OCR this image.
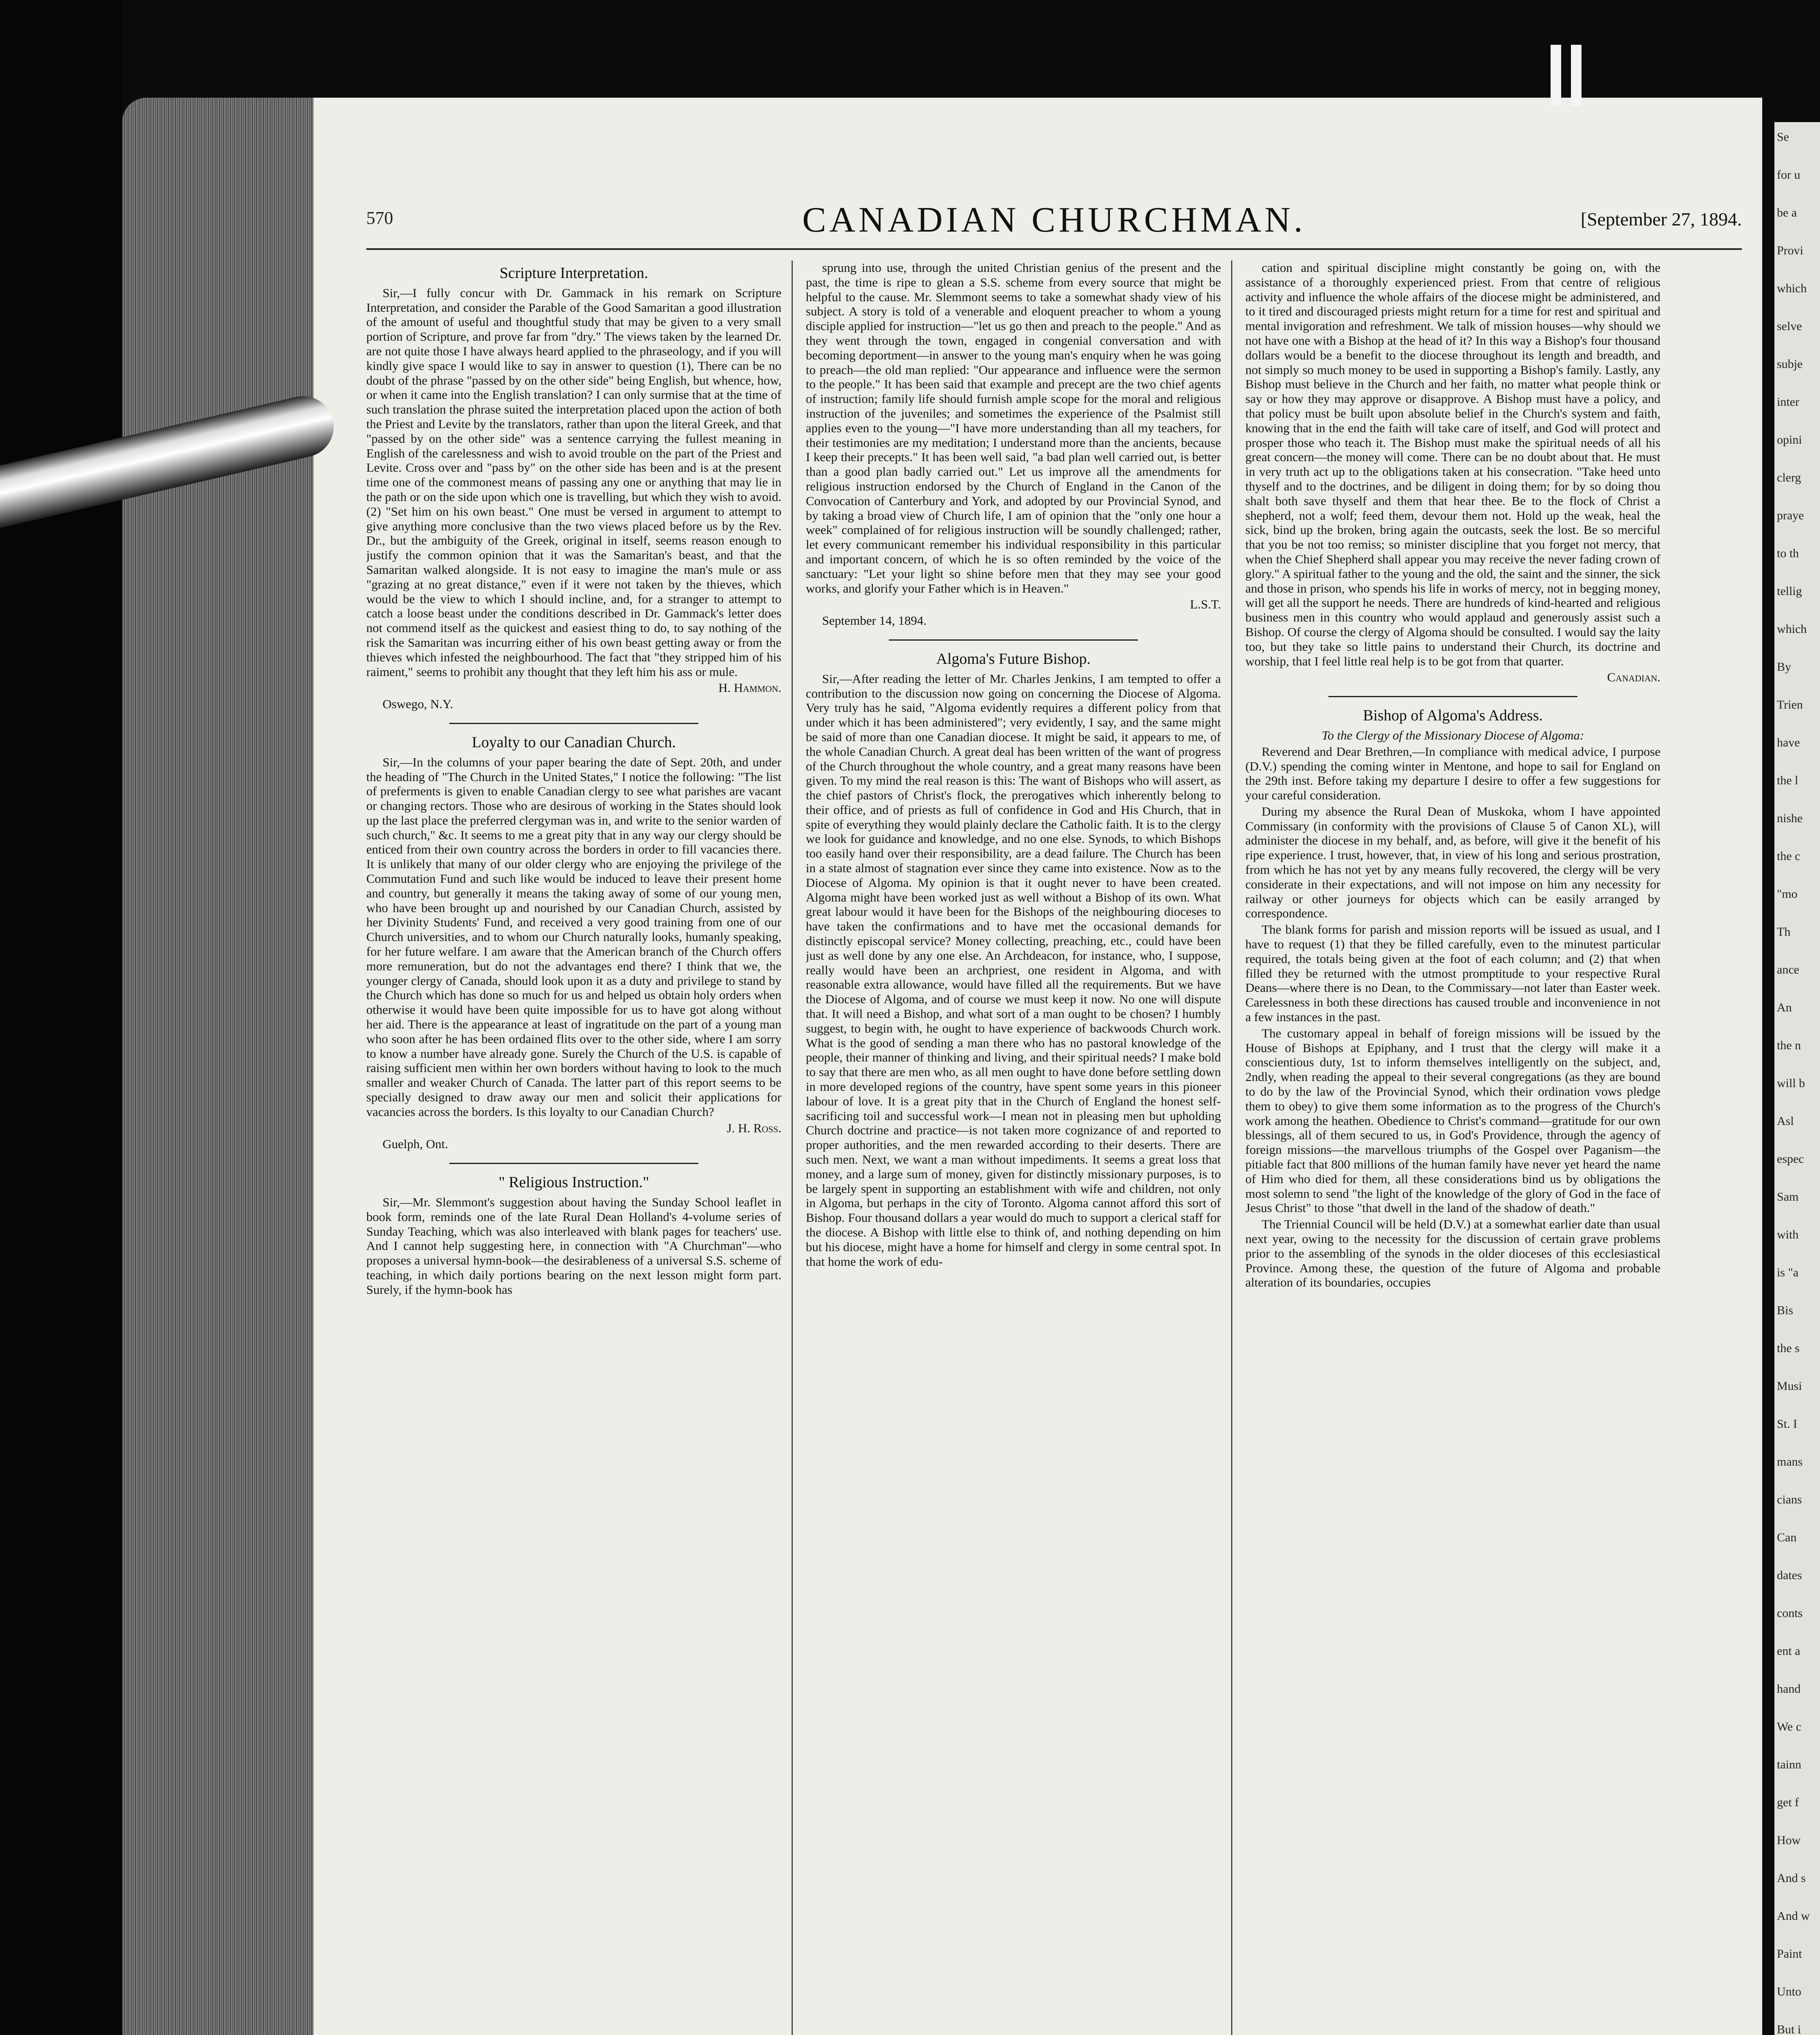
570	CANADIAN CHURCHMAN.	[September 27, 1894.
Scripture Interpretation.

Sir,—I fully concur with Dr. Gammack in his remark on Scripture Interpretation, and consider the Parable of the Good Samaritan a good illustration of the amount of useful and thoughtful study that may be given to a very small portion of Scripture, and prove far from "dry." The views taken by the learned Dr. are not quite those I have always heard applied to the phraseology, and if you will kindly give space I would like to say in answer to question (1), There can be no doubt of the phrase "passed by on the other side" being English, but whence, how, or when it came into the English translation? I can only surmise that at the time of such translation the phrase suited the interpretation placed upon the action of both the Priest and Levite by the translators, rather than upon the literal Greek, and that "passed by on the other side" was a sentence carrying the fullest meaning in English of the carelessness and wish to avoid trouble on the part of the Priest and Levite. Cross over and "pass by" on the other side has been and is at the present time one of the commonest means of passing any one or anything that may lie in the path or on the side upon which one is travelling, but which they wish to avoid. (2) "Set him on his own beast." One must be versed in argument to attempt to give anything more conclusive than the two views placed before us by the Rev. Dr., but the ambiguity of the Greek, original in itself, seems reason enough to justify the common opinion that it was the Samaritan's beast, and that the Samaritan walked alongside. It is not easy to imagine the man's mule or ass "grazing at no great distance," even if it were not taken by the thieves, which would be the view to which I should incline, and, for a stranger to attempt to catch a loose beast under the conditions described in Dr. Gammack's letter does not commend itself as the quickest and easiest thing to do, to say nothing of the risk the Samaritan was incurring either of his own beast getting away or from the thieves which infested the neighbourhood. The fact that "they stripped him of his raiment," seems to prohibit any thought that they left him his ass or mule.

H. Hammon.

Oswego, N.Y.

Loyalty to our Canadian Church.

Sir,—In the columns of your paper bearing the date of Sept. 20th, and under the heading of "The Church in the United States," I notice the following: "The list of preferments is given to enable Canadian clergy to see what parishes are vacant or changing rectors. Those who are desirous of working in the States should look up the last place the preferred clergyman was in, and write to the senior warden of such church," &c. It seems to me a great pity that in any way our clergy should be enticed from their own country across the borders in order to fill vacancies there. It is unlikely that many of our older clergy who are enjoying the privilege of the Commutation Fund and such like would be induced to leave their present home and country, but generally it means the taking away of some of our young men, who have been brought up and nourished by our Canadian Church, assisted by her Divinity Students' Fund, and received a very good training from one of our Church universities, and to whom our Church naturally looks, humanly speaking, for her future welfare. I am aware that the American branch of the Church offers more remuneration, but do not the advantages end there? I think that we, the younger clergy of Canada, should look upon it as a duty and privilege to stand by the Church which has done so much for us and helped us obtain holy orders when otherwise it would have been quite impossible for us to have got along without her aid. There is the appearance at least of ingratitude on the part of a young man who soon after he has been ordained flits over to the other side, where I am sorry to know a number have already gone. Surely the Church of the U.S. is capable of raising sufficient men within her own borders without having to look to the much smaller and weaker Church of Canada. The latter part of this report seems to be specially designed to draw away our men and solicit their applications for vacancies across the borders. Is this loyalty to our Canadian Church?

J. H. Ross.

Guelph, Ont.

" Religious Instruction."

Sir,—Mr. Slemmont's suggestion about having the Sunday School leaflet in book form, reminds one of the late Rural Dean Holland's 4-volume series of Sunday Teaching, which was also interleaved with blank pages for teachers' use. And I cannot help suggesting here, in connection with "A Churchman"—who proposes a universal hymn-book—the desirableness of a universal S.S. scheme of teaching, in which daily portions bearing on the next lesson might form part. Surely, if the hymn-book has

sprung into use, through the united Christian genius of the present and the past, the time is ripe to glean a S.S. scheme from every source that might be helpful to the cause. Mr. Slemmont seems to take a somewhat shady view of his subject. A story is told of a venerable and eloquent preacher to whom a young disciple applied for instruction—"let us go then and preach to the people." And as they went through the town, engaged in congenial conversation and with becoming deportment—in answer to the young man's enquiry when he was going to preach—the old man replied: "Our appearance and influence were the sermon to the people." It has been said that example and precept are the two chief agents of instruction; family life should furnish ample scope for the moral and religious instruction of the juveniles; and sometimes the experience of the Psalmist still applies even to the young—"I have more understanding than all my teachers, for their testimonies are my meditation; I understand more than the ancients, because I keep their precepts." It has been well said, "a bad plan well carried out, is better than a good plan badly carried out." Let us improve all the amendments for religious instruction endorsed by the Church of England in the Canon of the Convocation of Canterbury and York, and adopted by our Provincial Synod, and by taking a broad view of Church life, I am of opinion that the "only one hour a week" complained of for religious instruction will be soundly challenged; rather, let every communicant remember his individual responsibility in this particular and important concern, of which he is so often reminded by the voice of the sanctuary: "Let your light so shine before men that they may see your good works, and glorify your Father which is in Heaven."

L.S.T.

September 14, 1894.

Algoma's Future Bishop.

Sir,—After reading the letter of Mr. Charles Jenkins, I am tempted to offer a contribution to the discussion now going on concerning the Diocese of Algoma. Very truly has he said, "Algoma evidently requires a different policy from that under which it has been administered"; very evidently, I say, and the same might be said of more than one Canadian diocese. It might be said, it appears to me, of the whole Canadian Church. A great deal has been written of the want of progress of the Church throughout the whole country, and a great many reasons have been given. To my mind the real reason is this: The want of Bishops who will assert, as the chief pastors of Christ's flock, the prerogatives which inherently belong to their office, and of priests as full of confidence in God and His Church, that in spite of everything they would plainly declare the Catholic faith. It is to the clergy we look for guidance and knowledge, and no one else. Synods, to which Bishops too easily hand over their responsibility, are a dead failure. The Church has been in a state almost of stagnation ever since they came into existence. Now as to the Diocese of Algoma. My opinion is that it ought never to have been created. Algoma might have been worked just as well without a Bishop of its own. What great labour would it have been for the Bishops of the neighbouring dioceses to have taken the confirmations and to have met the occasional demands for distinctly episcopal service? Money collecting, preaching, etc., could have been just as well done by any one else. An Archdeacon, for instance, who, I suppose, really would have been an archpriest, one resident in Algoma, and with reasonable extra allowance, would have filled all the requirements. But we have the Diocese of Algoma, and of course we must keep it now. No one will dispute that. It will need a Bishop, and what sort of a man ought to be chosen? I humbly suggest, to begin with, he ought to have experience of backwoods Church work. What is the good of sending a man there who has no pastoral knowledge of the people, their manner of thinking and living, and their spiritual needs? I make bold to say that there are men who, as all men ought to have done before settling down in more developed regions of the country, have spent some years in this pioneer labour of love. It is a great pity that in the Church of England the honest self-sacrificing toil and successful work—I mean not in pleasing men but upholding Church doctrine and practice—is not taken more cognizance of and reported to proper authorities, and the men rewarded according to their deserts. There are such men. Next, we want a man without impediments. It seems a great loss that money, and a large sum of money, given for distinctly missionary purposes, is to be largely spent in supporting an establishment with wife and children, not only in Algoma, but perhaps in the city of Toronto. Algoma cannot afford this sort of Bishop. Four thousand dollars a year would do much to support a clerical staff for the diocese. A Bishop with little else to think of, and nothing depending on him but his diocese, might have a home for himself and clergy in some central spot. In that home the work of edu-

cation and spiritual discipline might constantly be going on, with the assistance of a thoroughly experienced priest. From that centre of religious activity and influence the whole affairs of the diocese might be administered, and to it tired and discouraged priests might return for a time for rest and spiritual and mental invigoration and refreshment. We talk of mission houses—why should we not have one with a Bishop at the head of it? In this way a Bishop's four thousand dollars would be a benefit to the diocese throughout its length and breadth, and not simply so much money to be used in supporting a Bishop's family. Lastly, any Bishop must believe in the Church and her faith, no matter what people think or say or how they may approve or disapprove. A Bishop must have a policy, and that policy must be built upon absolute belief in the Church's system and faith, knowing that in the end the faith will take care of itself, and God will protect and prosper those who teach it. The Bishop must make the spiritual needs of all his great concern—the money will come. There can be no doubt about that. He must in very truth act up to the obligations taken at his consecration. "Take heed unto thyself and to the doctrines, and be diligent in doing them; for by so doing thou shalt both save thyself and them that hear thee. Be to the flock of Christ a shepherd, not a wolf; feed them, devour them not. Hold up the weak, heal the sick, bind up the broken, bring again the outcasts, seek the lost. Be so merciful that you be not too remiss; so minister discipline that you forget not mercy, that when the Chief Shepherd shall appear you may receive the never fading crown of glory." A spiritual father to the young and the old, the saint and the sinner, the sick and those in prison, who spends his life in works of mercy, not in begging money, will get all the support he needs. There are hundreds of kind-hearted and religious business men in this country who would applaud and generously assist such a Bishop. Of course the clergy of Algoma should be consulted. I would say the laity too, but they take so little pains to understand their Church, its doctrine and worship, that I feel little real help is to be got from that quarter.

Canadian.

Bishop of Algoma's Address.

To the Clergy of the Missionary Diocese of Algoma:

Reverend and Dear Brethren,—In compliance with medical advice, I purpose (D.V.) spending the coming winter in Mentone, and hope to sail for England on the 29th inst. Before taking my departure I desire to offer a few suggestions for your careful consideration.

During my absence the Rural Dean of Muskoka, whom I have appointed Commissary (in conformity with the provisions of Clause 5 of Canon XL), will administer the diocese in my behalf, and, as before, will give it the benefit of his ripe experience. I trust, however, that, in view of his long and serious prostration, from which he has not yet by any means fully recovered, the clergy will be very considerate in their expectations, and will not impose on him any necessity for railway or other journeys for objects which can be easily arranged by correspondence.

The blank forms for parish and mission reports will be issued as usual, and I have to request (1) that they be filled carefully, even to the minutest particular required, the totals being given at the foot of each column; and (2) that when filled they be returned with the utmost promptitude to your respective Rural Deans—where there is no Dean, to the Commissary—not later than Easter week. Carelessness in both these directions has caused trouble and inconvenience in not a few instances in the past.

The customary appeal in behalf of foreign missions will be issued by the House of Bishops at Epiphany, and I trust that the clergy will make it a conscientious duty, 1st to inform themselves intelligently on the subject, and, 2ndly, when reading the appeal to their several congregations (as they are bound to do by the law of the Provincial Synod, which their ordination vows pledge them to obey) to give them some information as to the progress of the Church's work among the heathen. Obedience to Christ's command—gratitude for our own blessings, all of them secured to us, in God's Providence, through the agency of foreign missions—the marvellous triumphs of the Gospel over Paganism—the pitiable fact that 800 millions of the human family have never yet heard the name of Him who died for them, all these considerations bind us by obligations the most solemn to send "the light of the knowledge of the glory of God in the face of Jesus Christ" to those "that dwell in the land of the shadow of death."

The Triennial Council will be held (D.V.) at a somewhat earlier date than usual next year, owing to the necessity for the discussion of certain grave problems prior to the assembling of the synods in the older dioceses of this ecclesiastical Province. Among these, the question of the future of Algoma and probable alteration of its boundaries, occupies

Se
for u
be a
Provi
which
selve
subje
inter
opini
clerg
praye
to th
tellig
which
By
Trien
have
the l
nishe
the c
"mo
Th
ance
An
the n
will b
Asl
espec
Sam
with
is "a
Bis
the s
Musi
St. I
mans
cians
Can
dates
conts
ent a
hand
We c
tainn
get f
How
And s
And w
Paint
Unto
But i
